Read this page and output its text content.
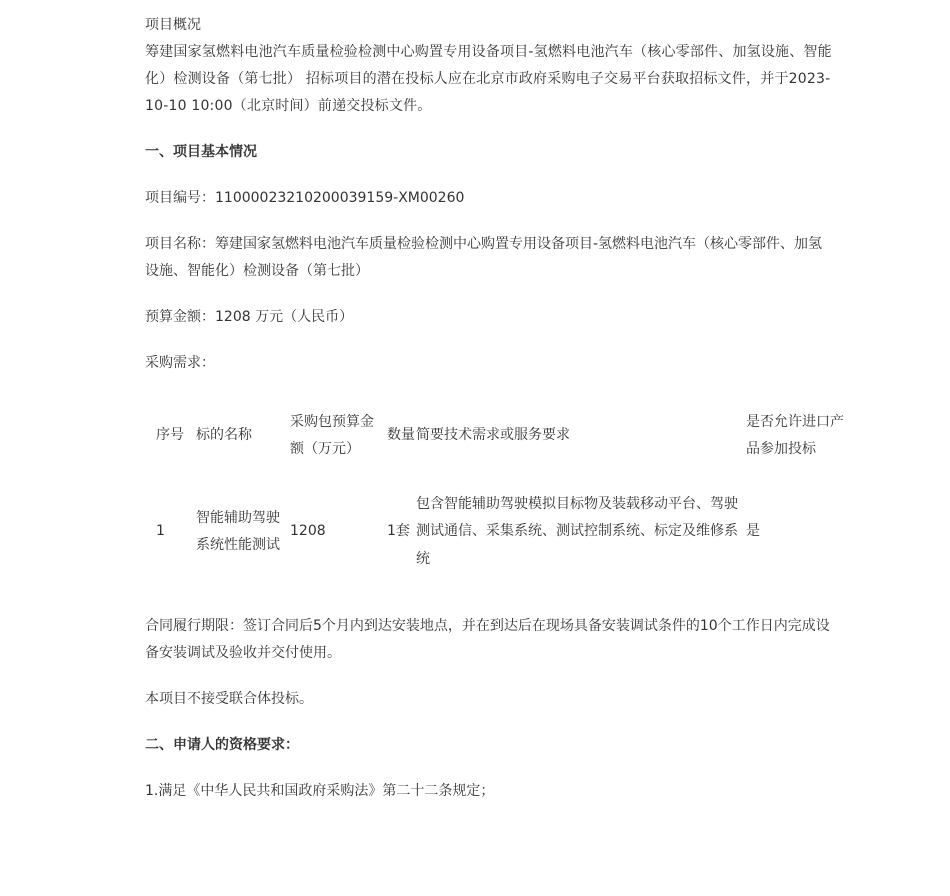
项目概况

筹建国家氢燃料电池汽车质量检验检测中心购置专用设备项目-氢燃料电池汽车（核心零部件、加氢设施、智能化）检测设备（第七批） 招标项目的潜在投标人应在北京市政府采购电子交易平台获取招标文件，并于2023-10-10 10:00（北京时间）前递交投标文件。

一、项目基本情况

项目编号：11000023210200039159-XM00260

项目名称：筹建国家氢燃料电池汽车质量检验检测中心购置专用设备项目-氢燃料电池汽车（核心零部件、加氢设施、智能化）检测设备（第七批）

预算金额：1208 万元（人民币）

采购需求：

序号	标的名称	采购包预算金额（万元）	数量	简要技术需求或服务要求	是否允许进口产品参加投标

1	智能辅助驾驶系统性能测试	1208	1套	包含智能辅助驾驶模拟目标物及装载移动平台、驾驶测试通信、采集系统、测试控制系统、标定及维修系统	是

合同履行期限：签订合同后5个月内到达安装地点，并在到达后在现场具备安装调试条件的10个工作日内完成设备安装调试及验收并交付使用。

本项目不接受联合体投标。

二、申请人的资格要求：

1.满足《中华人民共和国政府采购法》第二十二条规定；
